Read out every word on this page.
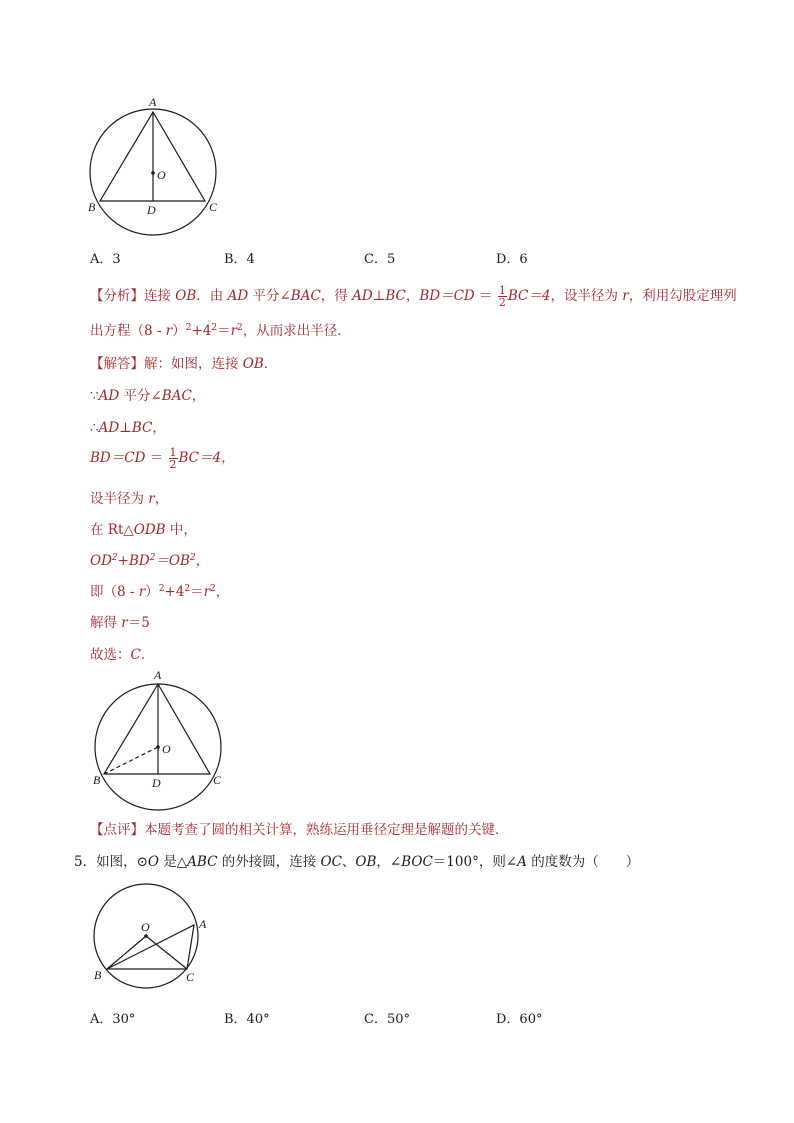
A
O
B	D	C
A．3	B．4	C．5	D．6
【分析】连接 OB．由 AD 平分∠BAC，得 AD⊥BC，$BD=CD = \frac{1}{2} BC=4$，设半径为 r，利用勾股定理列
出方程$(8 - r)^2+4^2=r^2$，从而求出半径．
【解答】解：如图，连接 OB．
∵AD 平分∠BAC，
∴AD⊥BC，
$BD=CD = \frac{1}{2} BC=4$，
设半径为 r，
在 Rt△ODB 中，
$OD^2+BD^2=OB^2$，
即$(8 - r)^2+4^2=r^2$，
解得 r＝5
故选：C．
A
O
B	D	C
【点评】本题考查了圆的相关计算，熟练运用垂径定理是解题的关键．
5．如图，⊙O 是△ABC 的外接圆，连接 OC、OB，∠BOC＝100°，则∠A 的度数为（　　）
O	A
B	C
A．30°	B．40°	C．50°	D．60°
